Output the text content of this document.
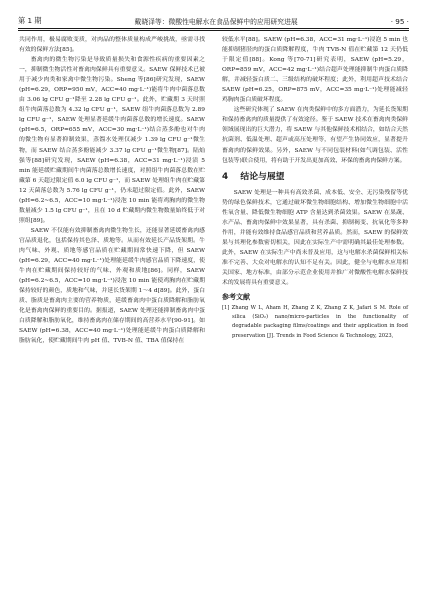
第 1 期	戴晓泽等：微酸性电解水在食品保鲜中的应用研究进展	· 95 ·

共同作用，极易腐败变质，对肉品的整体质量构成严峻挑战，亟需寻找有效的保鲜方法[85]。

畜禽肉的微生物污染是导致质量损失和食源性疾病的重要因素之一，抑制微生物活性对畜禽肉保鲜具有重要意义。SAEW 保鲜技术已被用于减少肉类和家禽中微生物污染。Sheng 等[86]研究发现，SAEW (pH=6.29，ORP=950 mV，ACC=40 mg·L⁻¹)能将牛肉中菌落总数由 3.06 lg CFU g⁻¹降至 2.28 lg CFU g⁻¹。此外，贮藏期 3 天时照组牛肉菌落总数为 4.32 lg CFU g⁻¹，SAEW 组牛肉菌落总数为 2.89 lg CFU g⁻¹，SAEW 处理显著延缓牛肉菌落总数的增长速度。SAEW (pH=6.5，ORP=655 mV，ACC=30 mg·L⁻¹)结合蒸多酚也对牛肉的微生物有显著抑制效果，蒸馏水处理仅减少 1.39 lg CFU g⁻¹微生物，而 SAEW 结合蒸多酚能减少 3.37 lg CFU g⁻¹微生物[87]。陆灿强等[88]研究发现，SAEW (pH=6.38，ACC=31 mg·L⁻¹)浸渍 5 min 能延缓贮藏期间牛肉菌落总数增长速度，对照组牛肉菌落总数在贮藏第 6 天超过限定值 6.0 lg CFU g⁻¹，而 SAEW 处理组牛肉在贮藏第 12 天菌落总数为 5.76 lg CFU g⁻¹，仍未超过限定值。此外，SAEW (pH=6.2~6.5，ACC=10 mg·L⁻¹)浸泡 10 min 能将鸡胸肉的微生物数量减少 1.5 lg CFU g⁻¹，且在 10 d 贮藏期内微生物数量始终低于对照组[89]。

SAEW 不仅能有效抑制畜禽肉微生物生长，还能显著延缓畜禽肉感官品质退化，包括保持其色泽、质地等。从而有效延长产品货架期。牛肉气味、外观、质地等感官品质在贮藏期间常快速下降，但 SAEW (pH=6.29，ACC=40 mg·L⁻¹)处理能延缓牛肉感官品质下降速度，使牛肉在贮藏期间保持较好的气味、外观和质地[86]。同样，SAEW (pH=6.2~6.5，ACC=10 mg·L⁻¹)浸泡 10 min 能使鸡胸肉在贮藏期保持较好的颜色，质地和气味，并延长货架期 1～4 d[89]。此外，蛋白质、脂质是畜禽肉主要的营养物质，延缓畜禽肉中蛋白质降解和脂肪氧化是畜禽肉保鲜的重要目的。据报道，SAEW 处理还能抑制畜禽肉中蛋白质降解和脂肪氧化，维持畜禽肉在储存期间的高营养水平[90-91]。如 SAEW (pH=6.38，ACC=40 mg·L⁻¹)处理能延缓牛肉蛋白质降解和脂肪氧化，使贮藏期间牛肉 pH 值、TVB-N 值、TBA 值保持在

较低水平[88]。SAEW (pH=6.38，ACC=31 mg·L⁻¹)浸泡 5 min 也能抑制猪胫肉的蛋白质降解程度，牛肉 TVB-N 值在贮藏第 12 天仍低于限定值[88]。Kong 等[70-71]研究表明，SAEW (pH=5.29，ORP=859 mV，ACC=42 mg·L⁻¹)结合超声处理能抑制牛肉蛋白质降解，并减轻蛋白质二、三级结构的破坏程度；此外，利用超声技术结合 SAEW (pH=6.25，ORP=875 mV，ACC=35 mg·L⁻¹)处理能减轻鸡胸肉蛋白质破坏程度。

这些研究体现了 SAEW 在肉类保鲜中的多方面潜力，为延长货架期和保持畜禽肉的质量提供了有效途径。鉴于 SAEW 技术在畜禽肉类保鲜领域展现出的巨大潜力，将 SAEW 与其他保鲜技术相结合，如结合天然抗菌剂、低温处理、超声或高压处理等，有望产生协同效应，显著提升畜禽肉的保鲜效果。另外，SAEW 与不同包装材料(如气调包装、活性包装等)联合使用，将有助于开发出更加高效、环保的畜禽肉保鲜方案。

4 结论与展望

SAEW 处理是一种具有高效杀菌、成本低、安全、无污染残留等优势的绿色保鲜技术，它通过破坏微生物细胞结构、增加微生物细胞中活性氧含量、降低微生物细胞 ATP 含量达到杀菌效果。SAEW 在果蔬、水产品、畜禽肉保鲜中效果显著，具有杀菌、抑制褐变、抗氧化等多种作用，并能有效维持食品感官品质和营养品质。然而，SAEW 的保鲜效果与其理化参数密切相关，因此在实际生产中需明确其最佳处理参数。此外，SAEW 在实际生产中尚未普及应用，这与电解水杀菌保鲜相关标准不完善、大众对电解水的认知不足有关。因此，健全与电解水应用相关国家、地方标准，由部分示范企业使用并推广对微酸性电解水保鲜技术的发展将具有重要意义。

参考文献

[1] Zhang W L, Aham H, Zhang Z K, Zhang Z K, Jafari S M. Role of silica (SiO₂) nano/micro-particles in the functionality of degradable packaging films/coatings and their application in food preservation [J]. Trends in Food Science & Technology, 2023,
